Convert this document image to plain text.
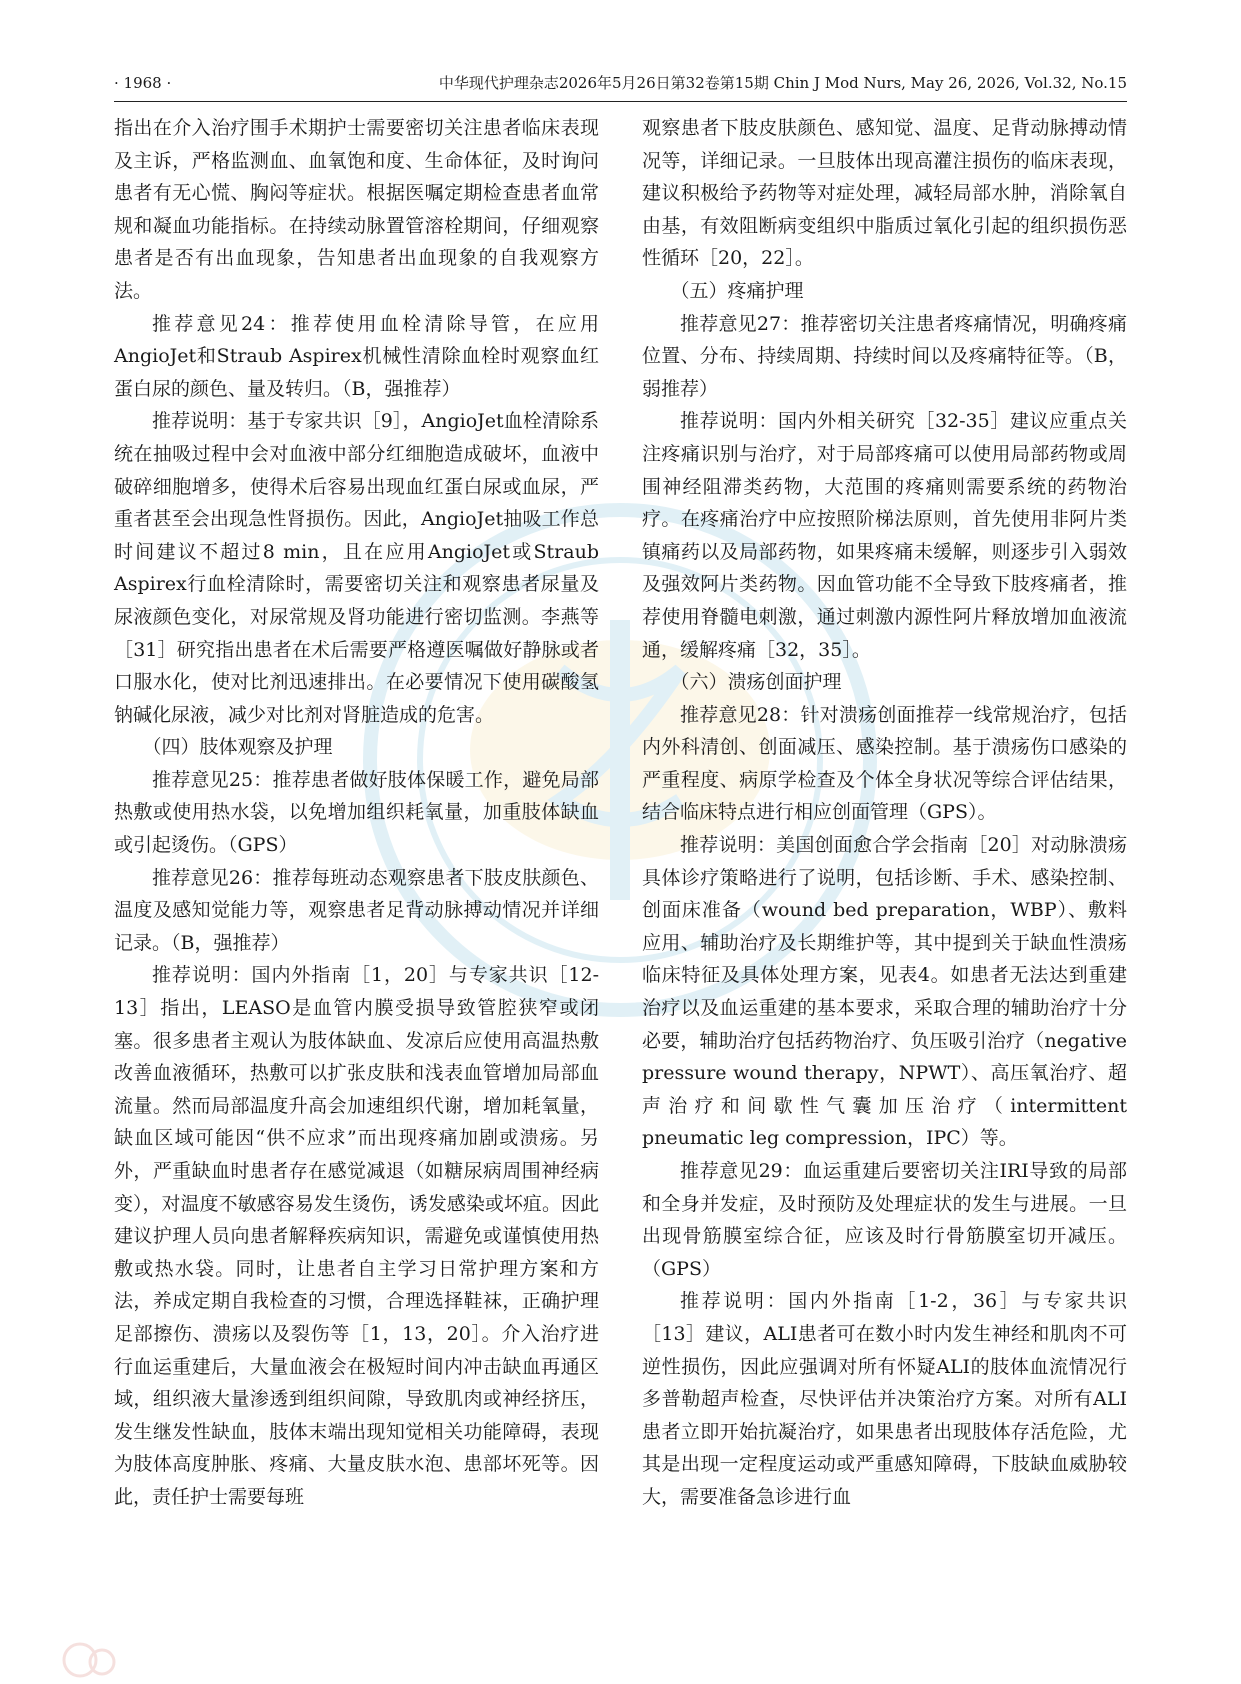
· 1968 ·	中华现代护理杂志2026年5月26日第32卷第15期 Chin J Mod Nurs, May 26, 2026, Vol.32, No.15

指出在介入治疗围手术期护士需要密切关注患者临床表现及主诉，严格监测血、血氧饱和度、生命体征，及时询问患者有无心慌、胸闷等症状。根据医嘱定期检查患者血常规和凝血功能指标。在持续动脉置管溶栓期间，仔细观察患者是否有出血现象，告知患者出血现象的自我观察方法。

推荐意见24：推荐使用血栓清除导管，在应用AngioJet和Straub Aspirex机械性清除血栓时观察血红蛋白尿的颜色、量及转归。（B，强推荐）

推荐说明：基于专家共识［9］，AngioJet血栓清除系统在抽吸过程中会对血液中部分红细胞造成破坏，血液中破碎细胞增多，使得术后容易出现血红蛋白尿或血尿，严重者甚至会出现急性肾损伤。因此，AngioJet抽吸工作总时间建议不超过8 min，且在应用AngioJet或Straub Aspirex行血栓清除时，需要密切关注和观察患者尿量及尿液颜色变化，对尿常规及肾功能进行密切监测。李燕等［31］研究指出患者在术后需要严格遵医嘱做好静脉或者口服水化，使对比剂迅速排出。在必要情况下使用碳酸氢钠碱化尿液，减少对比剂对肾脏造成的危害。

（四）肢体观察及护理

推荐意见25：推荐患者做好肢体保暖工作，避免局部热敷或使用热水袋，以免增加组织耗氧量，加重肢体缺血或引起烫伤。（GPS）

推荐意见26：推荐每班动态观察患者下肢皮肤颜色、温度及感知觉能力等，观察患者足背动脉搏动情况并详细记录。（B，强推荐）

推荐说明：国内外指南［1，20］与专家共识［12-13］指出，LEASO是血管内膜受损导致管腔狭窄或闭塞。很多患者主观认为肢体缺血、发凉后应使用高温热敷改善血液循环，热敷可以扩张皮肤和浅表血管增加局部血流量。然而局部温度升高会加速组织代谢，增加耗氧量，缺血区域可能因“供不应求”而出现疼痛加剧或溃疡。另外，严重缺血时患者存在感觉减退（如糖尿病周围神经病变），对温度不敏感容易发生烫伤，诱发感染或坏疽。因此建议护理人员向患者解释疾病知识，需避免或谨慎使用热敷或热水袋。同时，让患者自主学习日常护理方案和方法，养成定期自我检查的习惯，合理选择鞋袜，正确护理足部擦伤、溃疡以及裂伤等［1，13，20］。介入治疗进行血运重建后，大量血液会在极短时间内冲击缺血再通区域，组织液大量渗透到组织间隙，导致肌肉或神经挤压，发生继发性缺血，肢体末端出现知觉相关功能障碍，表现为肢体高度肿胀、疼痛、大量皮肤水泡、患部坏死等。因此，责任护士需要每班

观察患者下肢皮肤颜色、感知觉、温度、足背动脉搏动情况等，详细记录。一旦肢体出现高灌注损伤的临床表现，建议积极给予药物等对症处理，减轻局部水肿，消除氧自由基，有效阻断病变组织中脂质过氧化引起的组织损伤恶性循环［20，22］。

（五）疼痛护理

推荐意见27：推荐密切关注患者疼痛情况，明确疼痛位置、分布、持续周期、持续时间以及疼痛特征等。（B，弱推荐）

推荐说明：国内外相关研究［32-35］建议应重点关注疼痛识别与治疗，对于局部疼痛可以使用局部药物或周围神经阻滞类药物，大范围的疼痛则需要系统的药物治疗。在疼痛治疗中应按照阶梯法原则，首先使用非阿片类镇痛药以及局部药物，如果疼痛未缓解，则逐步引入弱效及强效阿片类药物。因血管功能不全导致下肢疼痛者，推荐使用脊髓电刺激，通过刺激内源性阿片释放增加血液流通，缓解疼痛［32，35］。

（六）溃疡创面护理

推荐意见28：针对溃疡创面推荐一线常规治疗，包括内外科清创、创面减压、感染控制。基于溃疡伤口感染的严重程度、病原学检查及个体全身状况等综合评估结果，结合临床特点进行相应创面管理（GPS）。

推荐说明：美国创面愈合学会指南［20］对动脉溃疡具体诊疗策略进行了说明，包括诊断、手术、感染控制、创面床准备（wound bed preparation，WBP）、敷料应用、辅助治疗及长期维护等，其中提到关于缺血性溃疡临床特征及具体处理方案，见表4。如患者无法达到重建治疗以及血运重建的基本要求，采取合理的辅助治疗十分必要，辅助治疗包括药物治疗、负压吸引治疗（negative pressure wound therapy，NPWT）、高压氧治疗、超声治疗和间歇性气囊加压治疗（intermittent pneumatic leg compression，IPC）等。

推荐意见29：血运重建后要密切关注IRI导致的局部和全身并发症，及时预防及处理症状的发生与进展。一旦出现骨筋膜室综合征，应该及时行骨筋膜室切开减压。（GPS）

推荐说明：国内外指南［1-2，36］与专家共识［13］建议，ALI患者可在数小时内发生神经和肌肉不可逆性损伤，因此应强调对所有怀疑ALI的肢体血流情况行多普勒超声检查，尽快评估并决策治疗方案。对所有ALI患者立即开始抗凝治疗，如果患者出现肢体存活危险，尤其是出现一定程度运动或严重感知障碍，下肢缺血威胁较大，需要准备急诊进行血
